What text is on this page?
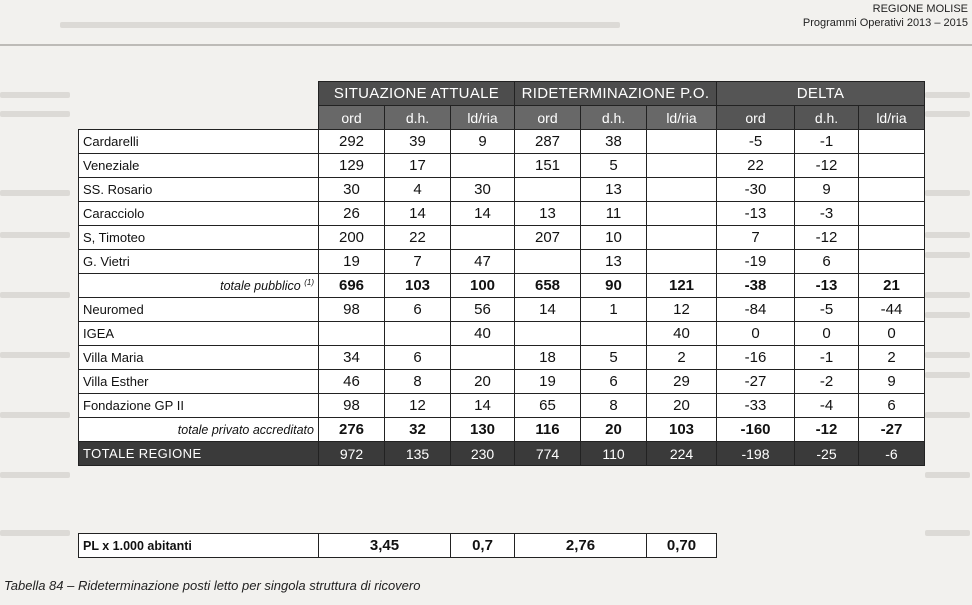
REGIONE MOLISE
Programmi Operativi 2013 – 2015
	SITUAZIONE ATTUALE			RIDETERMINAZIONE P.O.			DELTA		
	ord	d.h.	ld/ria	ord	d.h.	ld/ria	ord	d.h.	ld/ria
Cardarelli	292	39	9	287	38		-5	-1	
Veneziale	129	17		151	5		22	-12	
SS. Rosario	30	4	30		13		-30	9	
Caracciolo	26	14	14	13	11		-13	-3	
S, Timoteo	200	22		207	10		7	-12	
G. Vietri	19	7	47		13		-19	6	
totale pubblico $^{(1)}$	696	103	100	658	90	121	-38	-13	21
Neuromed	98	6	56	14	1	12	-84	-5	-44
IGEA			40			40	0	0	0
Villa Maria	34	6		18	5	2	-16	-1	2
Villa Esther	46	8	20	19	6	29	-27	-2	9
Fondazione GP II	98	12	14	65	8	20	-33	-4	6
totale privato accreditato	276	32	130	116	20	103	-160	-12	-27
TOTALE REGIONE	972	135	230	774	110	224	-198	-25	-6
PL x 1.000 abitanti	3,45	0,7	2,76	0,70
Tabella 84 – Rideterminazione posti letto per singola struttura di ricovero
